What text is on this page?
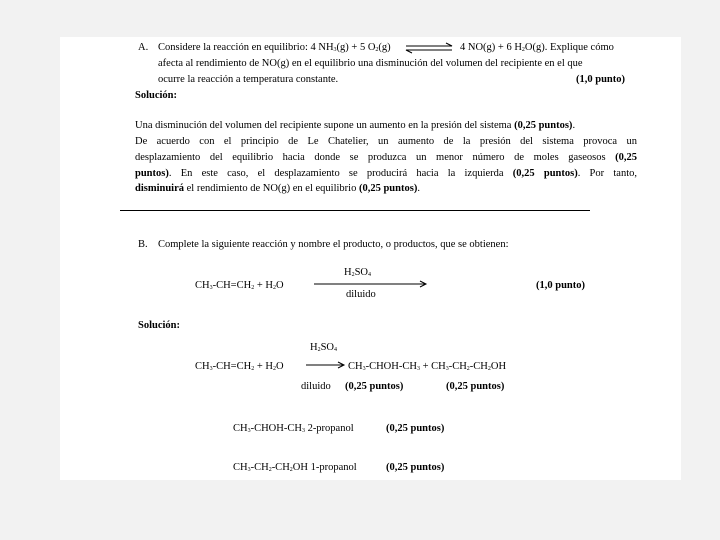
A. Considere la reacción en equilibrio: 4 $NH_3(g) + 5$ $O_2(g)$ ⇌ 4 NO(g) + 6 $H_2O(g)$. Explique cómo
afecta al rendimiento de NO(g) en el equilibrio una disminución del volumen del recipiente en el que
ocurre la reacción a temperatura constante.	(1,0 punto)
Solución:
Una disminución del volumen del recipiente supone un aumento en la presión del sistema (0,25 puntos).
De acuerdo con el principio de Le Chatelier, un aumento de la presión del sistema provoca un
desplazamiento del equilibrio hacia donde se produzca un menor número de moles gaseosos (0,25
puntos). En este caso, el desplazamiento se producirá hacia la izquierda (0,25 puntos). Por tanto,
disminuirá el rendimiento de NO(g) en el equilibrio (0,25 puntos).
B. Complete la siguiente reacción y nombre el producto, o productos, que se obtienen:
$H_2SO_4$
$CH_3-CH=CH_2 + H_2O$
diluido
(1,0 punto)
Solución:
$H_2SO_4$
$CH_3-CH=CH_2 + H_2O$	$CH_3-CHOH-CH_3 + CH_3-CH_2-CH_2OH$
diluido (0,25 puntos)	(0,25 puntos)
$CH_3-CHOH-CH_3$ 2-propanol	(0,25 puntos)
$CH_3-CH_2-CH_2OH$ 1-propanol	(0,25 puntos)
